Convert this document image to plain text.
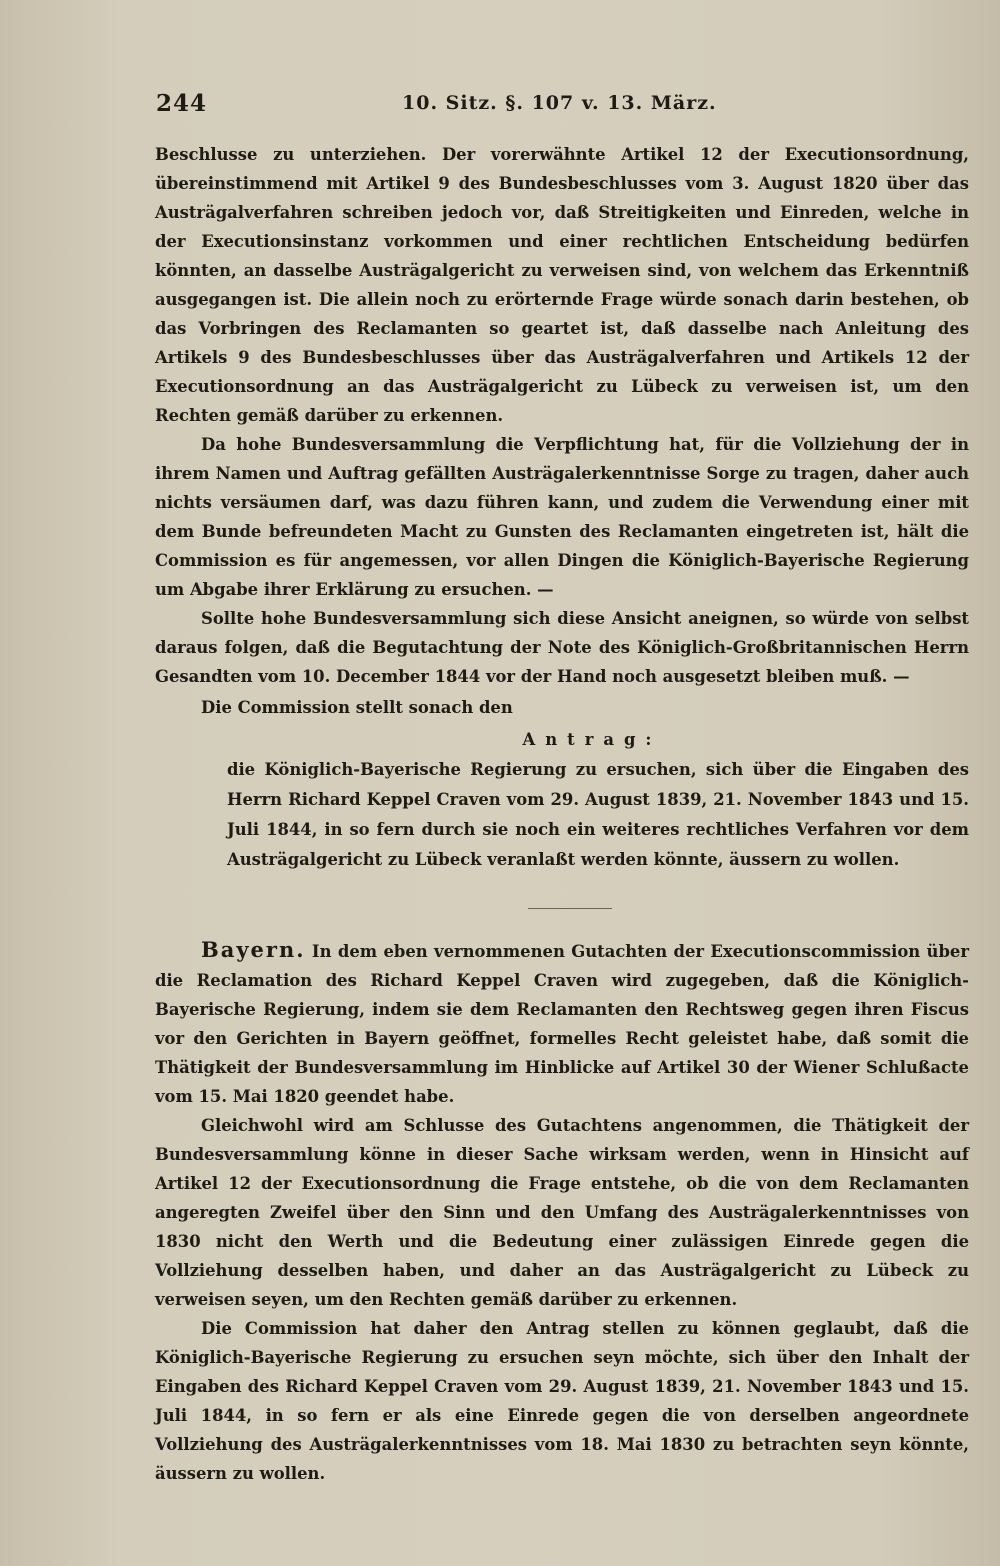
244	10. Sitz. §. 107 v. 13. März.

Beschlusse zu unterziehen. Der vorerwähnte Artikel 12 der Executionsordnung, übereinstimmend mit Artikel 9 des Bundesbeschlusses vom 3. August 1820 über das Austrägalverfahren schreiben jedoch vor, daß Streitigkeiten und Einreden, welche in der Executionsinstanz vorkommen und einer rechtlichen Entscheidung bedürfen könnten, an dasselbe Austrägalgericht zu verweisen sind, von welchem das Erkenntniß ausgegangen ist. Die allein noch zu erörternde Frage würde sonach darin bestehen, ob das Vorbringen des Reclamanten so geartet ist, daß dasselbe nach Anleitung des Artikels 9 des Bundesbeschlusses über das Austrägalverfahren und Artikels 12 der Executionsordnung an das Austrägalgericht zu Lübeck zu verweisen ist, um den Rechten gemäß darüber zu erkennen.

Da hohe Bundesversammlung die Verpflichtung hat, für die Vollziehung der in ihrem Namen und Auftrag gefällten Austrägalerkenntnisse Sorge zu tragen, daher auch nichts versäumen darf, was dazu führen kann, und zudem die Verwendung einer mit dem Bunde befreundeten Macht zu Gunsten des Reclamanten eingetreten ist, hält die Commission es für angemessen, vor allen Dingen die Königlich-Bayerische Regierung um Abgabe ihrer Erklärung zu ersuchen. —

Sollte hohe Bundesversammlung sich diese Ansicht aneignen, so würde von selbst daraus folgen, daß die Begutachtung der Note des Königlich-Großbritannischen Herrn Gesandten vom 10. December 1844 vor der Hand noch ausgesetzt bleiben muß. —

Die Commission stellt sonach den
Antrag:
die Königlich-Bayerische Regierung zu ersuchen, sich über die Eingaben des Herrn Richard Keppel Craven vom 29. August 1839, 21. November 1843 und 15. Juli 1844, in so fern durch sie noch ein weiteres rechtliches Verfahren vor dem Austrägalgericht zu Lübeck veranlaßt werden könnte, äussern zu wollen.

Bayern. In dem eben vernommenen Gutachten der Executionscommission über die Reclamation des Richard Keppel Craven wird zugegeben, daß die Königlich-Bayerische Regierung, indem sie dem Reclamanten den Rechtsweg gegen ihren Fiscus vor den Gerichten in Bayern geöffnet, formelles Recht geleistet habe, daß somit die Thätigkeit der Bundesversammlung im Hinblicke auf Artikel 30 der Wiener Schlußacte vom 15. Mai 1820 geendet habe.

Gleichwohl wird am Schlusse des Gutachtens angenommen, die Thätigkeit der Bundesversammlung könne in dieser Sache wirksam werden, wenn in Hinsicht auf Artikel 12 der Executionsordnung die Frage entstehe, ob die von dem Reclamanten angeregten Zweifel über den Sinn und den Umfang des Austrägalerkenntnisses von 1830 nicht den Werth und die Bedeutung einer zulässigen Einrede gegen die Vollziehung desselben haben, und daher an das Austrägalgericht zu Lübeck zu verweisen seyen, um den Rechten gemäß darüber zu erkennen.

Die Commission hat daher den Antrag stellen zu können geglaubt, daß die Königlich-Bayerische Regierung zu ersuchen seyn möchte, sich über den Inhalt der Eingaben des Richard Keppel Craven vom 29. August 1839, 21. November 1843 und 15. Juli 1844, in so fern er als eine Einrede gegen die von derselben angeordnete Vollziehung des Austrägalerkenntnisses vom 18. Mai 1830 zu betrachten seyn könnte, äussern zu wollen.
